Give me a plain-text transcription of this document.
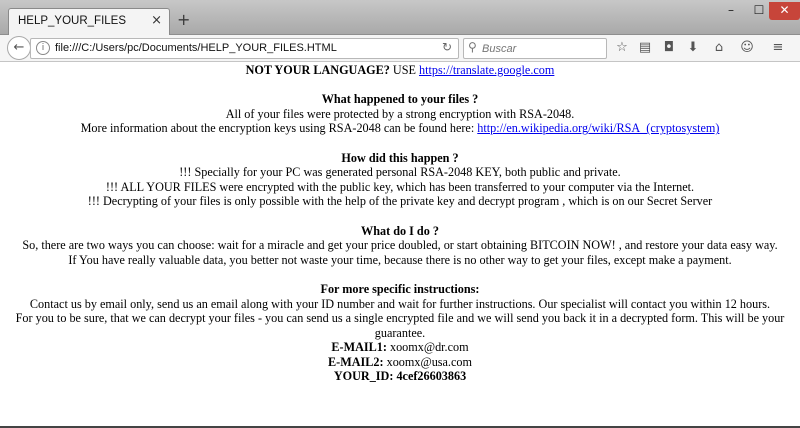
HELP_YOUR_FILES × +	–	☐	✕
←	i file:///C:/Users/pc/Documents/HELP_YOUR_FILES.HTML	↻ ⚲
Buscar	☆ ▤ ◘	⬇	⌂	☺	≡

NOT YOUR LANGUAGE? USE https://translate.google.com

What happened to your files ?

All of your files were protected by a strong encryption with RSA-2048.

More information about the encryption keys using RSA-2048 can be found here: http://en.wikipedia.org/wiki/RSA_(cryptosystem)

How did this happen ?

!!! Specially for your PC was generated personal RSA-2048 KEY, both public and private.

!!! ALL YOUR FILES were encrypted with the public key, which has been transferred to your computer via the Internet.

!!! Decrypting of your files is only possible with the help of the private key and decrypt program , which is on our Secret Server

What do I do ?

So, there are two ways you can choose: wait for a miracle and get your price doubled, or start obtaining BITCOIN NOW! , and restore your data easy way.

If You have really valuable data, you better not waste your time, because there is no other way to get your files, except make a payment.

For more specific instructions:

Contact us by email only, send us an email along with your ID number and wait for further instructions. Our specialist will contact you within 12 hours.

For you to be sure, that we can decrypt your files - you can send us a single encrypted file and we will send you back it in a decrypted form. This will be your guarantee.

E-MAIL1: xoomx@dr.com

E-MAIL2: xoomx@usa.com

YOUR_ID: 4cef26603863
